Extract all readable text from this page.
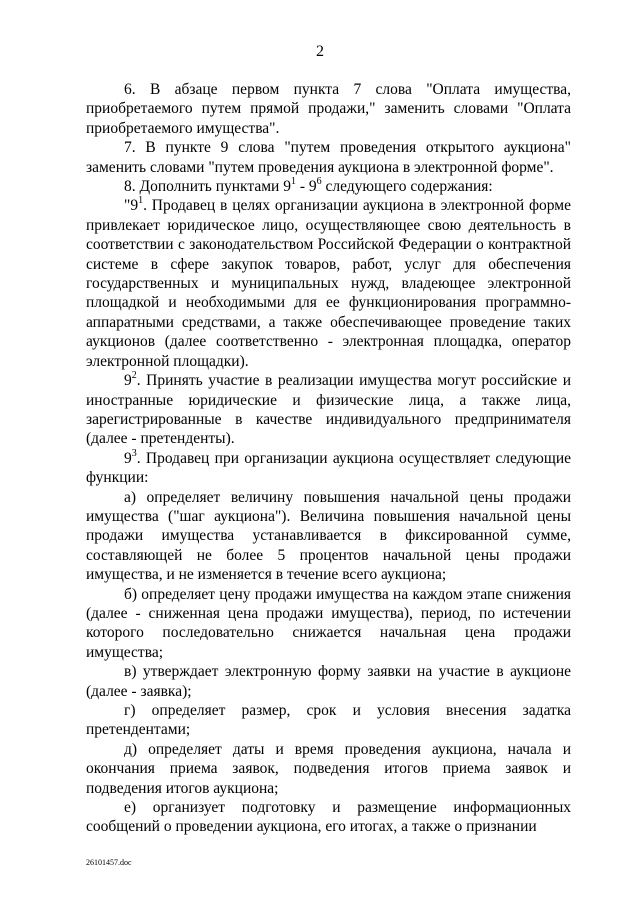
2

6. В абзаце первом пункта 7 слова "Оплата имущества, приобретаемого путем прямой продажи," заменить словами "Оплата приобретаемого имущества".

7. В пункте 9 слова "путем проведения открытого аукциона" заменить словами "путем проведения аукциона в электронной форме".

8. Дополнить пунктами $9^1 - 9^6$ следующего содержания:

"$9^1$. Продавец в целях организации аукциона в электронной форме привлекает юридическое лицо, осуществляющее свою деятельность в соответствии с законодательством Российской Федерации о контрактной системе в сфере закупок товаров, работ, услуг для обеспечения государственных и муниципальных нужд, владеющее электронной площадкой и необходимыми для ее функционирования программно-аппаратными средствами, а также обеспечивающее проведение таких аукционов (далее соответственно - электронная площадка, оператор электронной площадки).

$9^2$. Принять участие в реализации имущества могут российские и иностранные юридические и физические лица, а также лица, зарегистрированные в качестве индивидуального предпринимателя (далее - претенденты).

$9^3$. Продавец при организации аукциона осуществляет следующие функции:

а) определяет величину повышения начальной цены продажи имущества ("шаг аукциона"). Величина повышения начальной цены продажи имущества устанавливается в фиксированной сумме, составляющей не более 5 процентов начальной цены продажи имущества, и не изменяется в течение всего аукциона;

б) определяет цену продажи имущества на каждом этапе снижения (далее - сниженная цена продажи имущества), период, по истечении которого последовательно снижается начальная цена продажи имущества;

в) утверждает электронную форму заявки на участие в аукционе (далее - заявка);

г) определяет размер, срок и условия внесения задатка претендентами;

д) определяет даты и время проведения аукциона, начала и окончания приема заявок, подведения итогов приема заявок и подведения итогов аукциона;

е) организует подготовку и размещение информационных сообщений о проведении аукциона, его итогах, а также о признании

26101457.doc
